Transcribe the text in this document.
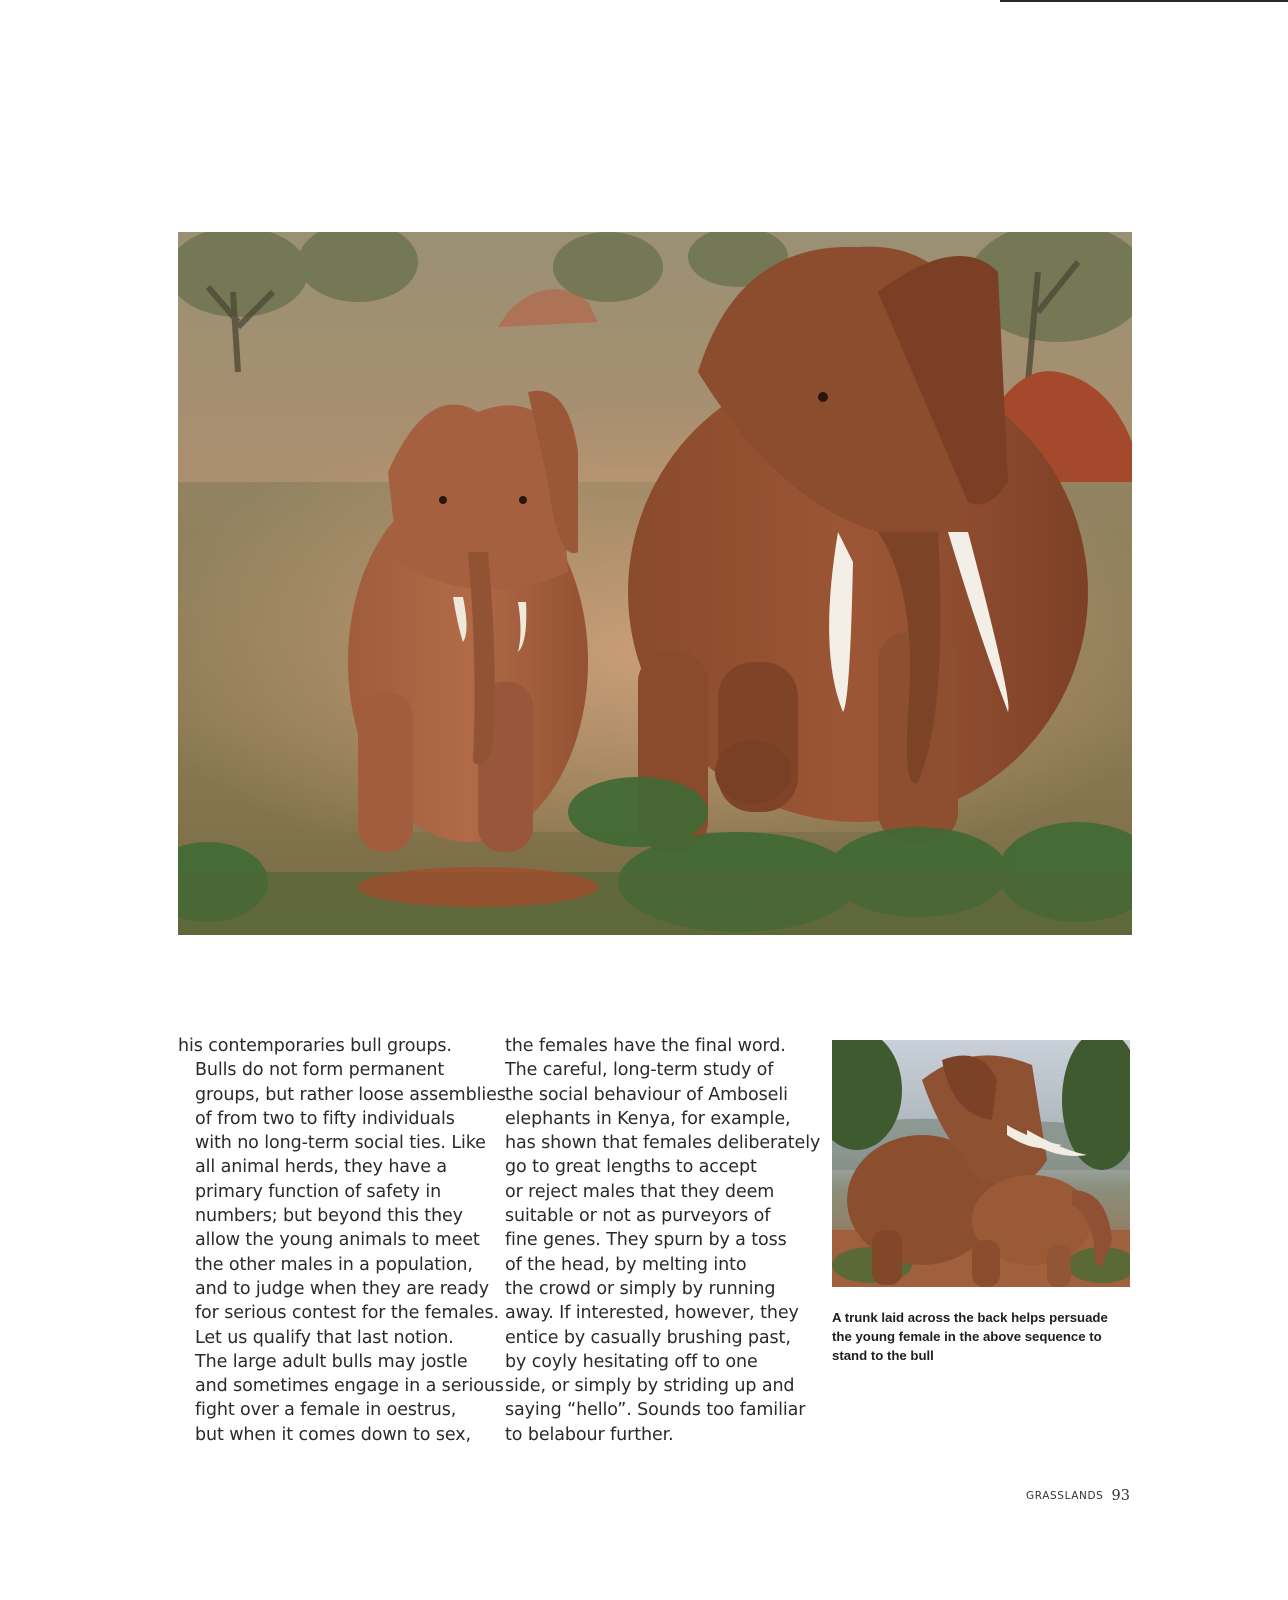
his contemporaries bull groups.

Bulls do not form permanent
groups, but rather loose assemblies
of from two to fifty individuals
with no long-term social ties. Like
all animal herds, they have a
primary function of safety in
numbers; but beyond this they
allow the young animals to meet
the other males in a population,
and to judge when they are ready
for serious contest for the females.

Let us qualify that last notion.
The large adult bulls may jostle
and sometimes engage in a serious
fight over a female in oestrus,
but when it comes down to sex,

the females have the final word.
The careful, long-term study of
the social behaviour of Amboseli
elephants in Kenya, for example,
has shown that females deliberately
go to great lengths to accept
or reject males that they deem
suitable or not as purveyors of
fine genes. They spurn by a toss
of the head, by melting into
the crowd or simply by running
away. If interested, however, they
entice by casually brushing past,
by coyly hesitating off to one
side, or simply by striding up and
saying “hello”. Sounds too familiar
to belabour further.

A trunk laid across the back helps persuade
the young female in the above sequence to
stand to the bull

GRASSLANDS 93
